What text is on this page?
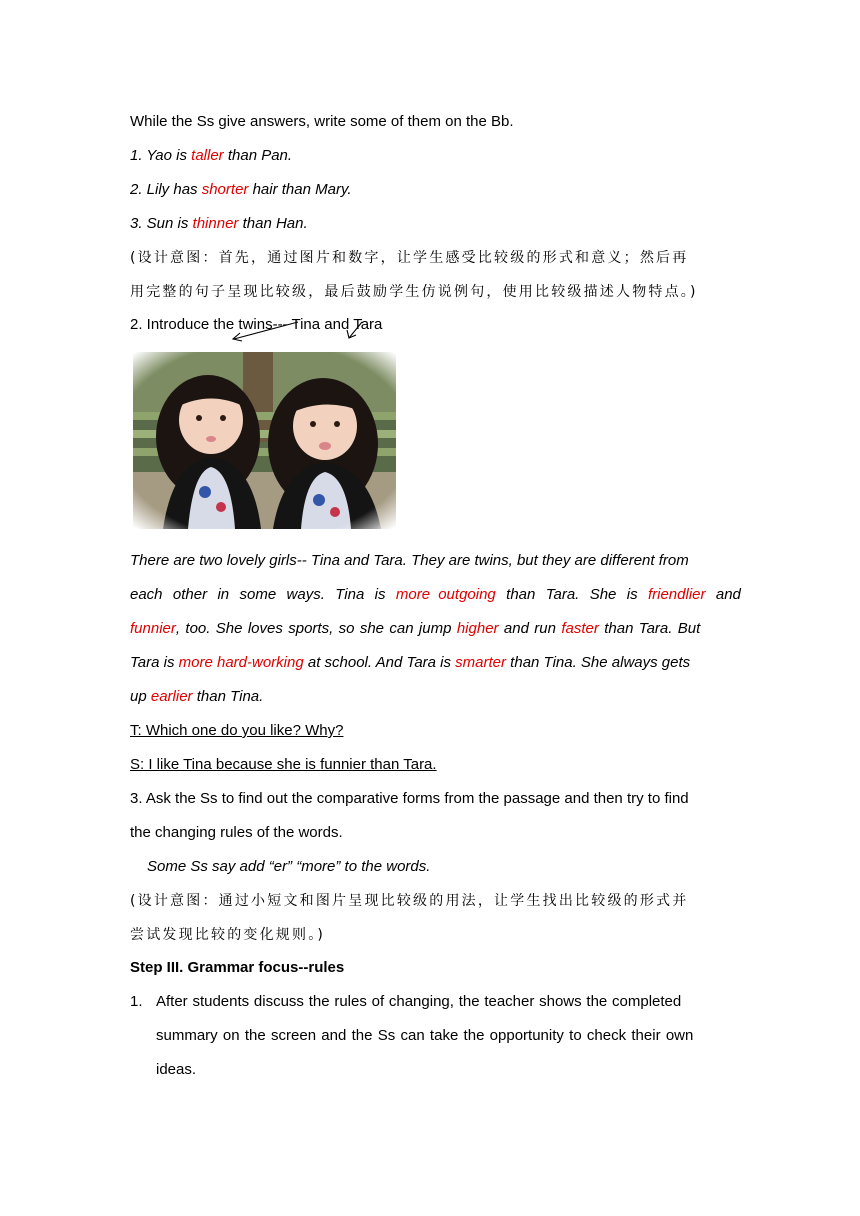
While the Ss give answers, write some of them on the Bb.
1. Yao is taller than Pan.
2. Lily has shorter hair than Mary.
3. Sun is thinner than Han.
(设计意图：首先，通过图片和数字，让学生感受比较级的形式和意义；然后再
用完整的句子呈现比较级，最后鼓励学生仿说例句，使用比较级描述人物特点。)
2. Introduce the twins--- Tina and Tara
There are two lovely girls-- Tina and Tara. They are twins, but they are different from
each other in some ways. Tina is more outgoing than Tara. She is friendlier and
funnier, too. She loves sports, so she can jump higher and run faster than Tara. But
Tara is more hard-working at school. And Tara is smarter than Tina. She always gets
up earlier than Tina.
T: Which one do you like? Why?
S: I like Tina because she is funnier than Tara.
3. Ask the Ss to find out the comparative forms from the passage and then try to find
the changing rules of the words.
Some Ss say add “er” “more” to the words.
(设计意图：通过小短文和图片呈现比较级的用法，让学生找出比较级的形式并
尝试发现比较的变化规则。)
Step III. Grammar focus--rules
1. After students discuss the rules of changing, the teacher shows the completed
summary on the screen and the Ss can take the opportunity to check their own
ideas.
